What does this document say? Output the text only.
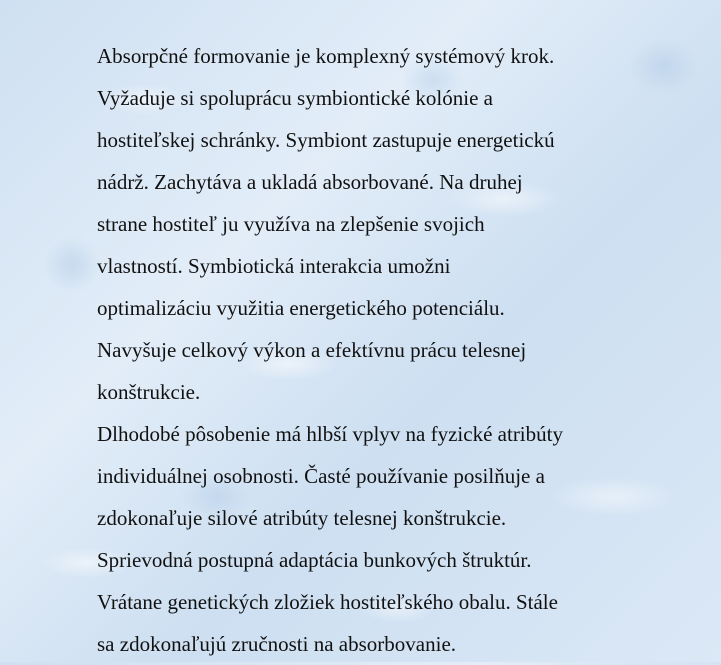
Absorpčné formovanie je komplexný systémový krok.
Vyžaduje si spoluprácu symbiontické kolónie a
hostiteľskej schránky. Symbiont zastupuje energetickú
nádrž. Zachytáva a ukladá absorbované. Na druhej
strane hostiteľ ju využíva na zlepšenie svojich
vlastností. Symbiotická interakcia umožni
optimalizáciu využitia energetického potenciálu.
Navyšuje celkový výkon a efektívnu prácu telesnej
konštrukcie.
Dlhodobé pôsobenie má hlbší vplyv na fyzické atribúty
individuálnej osobnosti. Časté používanie posilňuje a
zdokonaľuje silové atribúty telesnej konštrukcie.
Sprievodná postupná adaptácia bunkových štruktúr.
Vrátane genetických zložiek hostiteľského obalu. Stále
sa zdokonaľujú zručnosti na absorbovanie.
